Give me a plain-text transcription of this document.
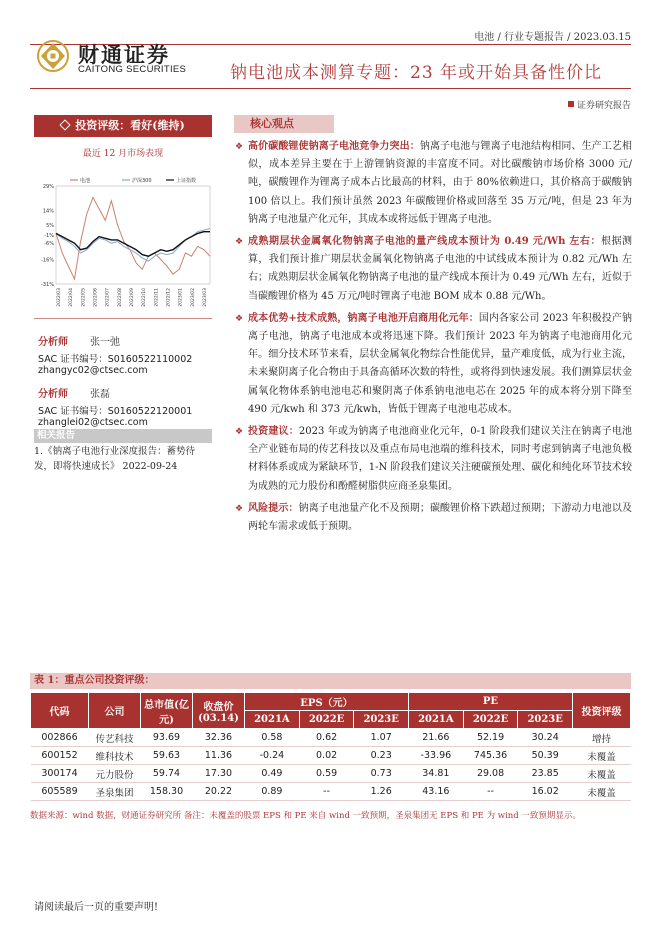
电池 / 行业专题报告 / 2023.03.15
财通证券
CAITONG SECURITIES	钠电池成本测算专题：23 年或开始具备性价比
证券研究报告
投资评级：看好(维持)
最近 12 月市场表现
29%
14%
5%
-1%
-6%
-16%
-31%
2022/03 2022/04 2022/05 2022/06 2022/07 2022/08 2022/09 2022/10 2022/11 2022/12 2023/01 2023/02 2023/03
电池	沪深300	上证指数
分析师 张一弛
SAC 证书编号：S0160522110002
zhangyc02@ctsec.com
分析师 张磊
SAC 证书编号：S0160522120001
zhanglei02@ctsec.com
相关报告
1.《钠离子电池行业深度报告：蓄势待发，即将快速成长》 2022-09-24
核心观点

❖ 高价碳酸锂使钠离子电池竞争力突出：钠离子电池与锂离子电池结构相同、生产工艺相似，成本差异主要在于上游锂钠资源的丰富度不同。对比碳酸钠市场价格 3000 元/吨，碳酸锂作为锂离子成本占比最高的材料，由于 80%依赖进口，其价格高于碳酸钠 100 倍以上。我们预计虽然 2023 年碳酸锂价格或回落至 35 万元/吨，但是 23 年为钠离子电池量产化元年，其成本或将远低于锂离子电池。

❖ 成熟期层状金属氧化物钠离子电池的量产线成本预计为 0.49 元/Wh 左右：根据测算，我们预计推广期层状金属氧化物钠离子电池的中试线成本预计为 0.82 元/Wh 左右；成熟期层状金属氧化物钠离子电池的量产线成本预计为 0.49 元/Wh 左右，近似于当碳酸锂价格为 45 万元/吨时锂离子电池 BOM 成本 0.88 元/Wh。

❖ 成本优势+技术成熟，钠离子电池开启商用化元年：国内各家公司 2023 年积极投产钠离子电池，钠离子电池成本或将迅速下降。我们预计 2023 年为钠离子电池商用化元年。细分技术环节来看，层状金属氧化物综合性能优异，量产难度低，成为行业主流，未来聚阴离子化合物由于具备高循环次数的特性，或将得到快速发展。我们测算层状金属氧化物体系钠电池电芯和聚阴离子体系钠电池电芯在 2025 年的成本将分别下降至 490 元/kwh 和 373 元/kwh，皆低于锂离子电池电芯成本。

❖ 投资建议：2023 年或为钠离子电池商业化元年，0-1 阶段我们建议关注在钠离子电池全产业链布局的传艺科技以及重点布局电池端的维科技术，同时考虑到钠离子电池负极材料体系或成为紧缺环节，1-N 阶段我们建议关注硬碳预处理、碳化和纯化环节技术较为成熟的元力股份和酚醛树脂供应商圣泉集团。

❖ 风险提示：钠离子电池量产化不及预期；碳酸锂价格下跌超过预期；下游动力电池以及两轮车需求或低于预期。

表 1：重点公司投资评级：
代码	公司	总市值(亿元)	收盘价(03.14)	EPS（元）			PE			投资评级
				2021A	2022E	2023E	2021A	2022E	2023E	
002866	传艺科技	93.69	32.36	0.58	0.62	1.07	21.66	52.19	30.24	增持
600152	维科技术	59.63	11.36	-0.24	0.02	0.23	-33.96	745.36	50.39	未覆盖
300174	元力股份	59.74	17.30	0.49	0.59	0.73	34.81	29.08	23.85	未覆盖
605589	圣泉集团	158.30	20.22	0.89	--	1.26	43.16	--	16.02	未覆盖
数据来源：wind 数据，财通证券研究所 备注：未覆盖的股票 EPS 和 PE 来自 wind 一致预期，圣泉集团无 EPS 和 PE 为 wind 一致预期显示。
请阅读最后一页的重要声明!
